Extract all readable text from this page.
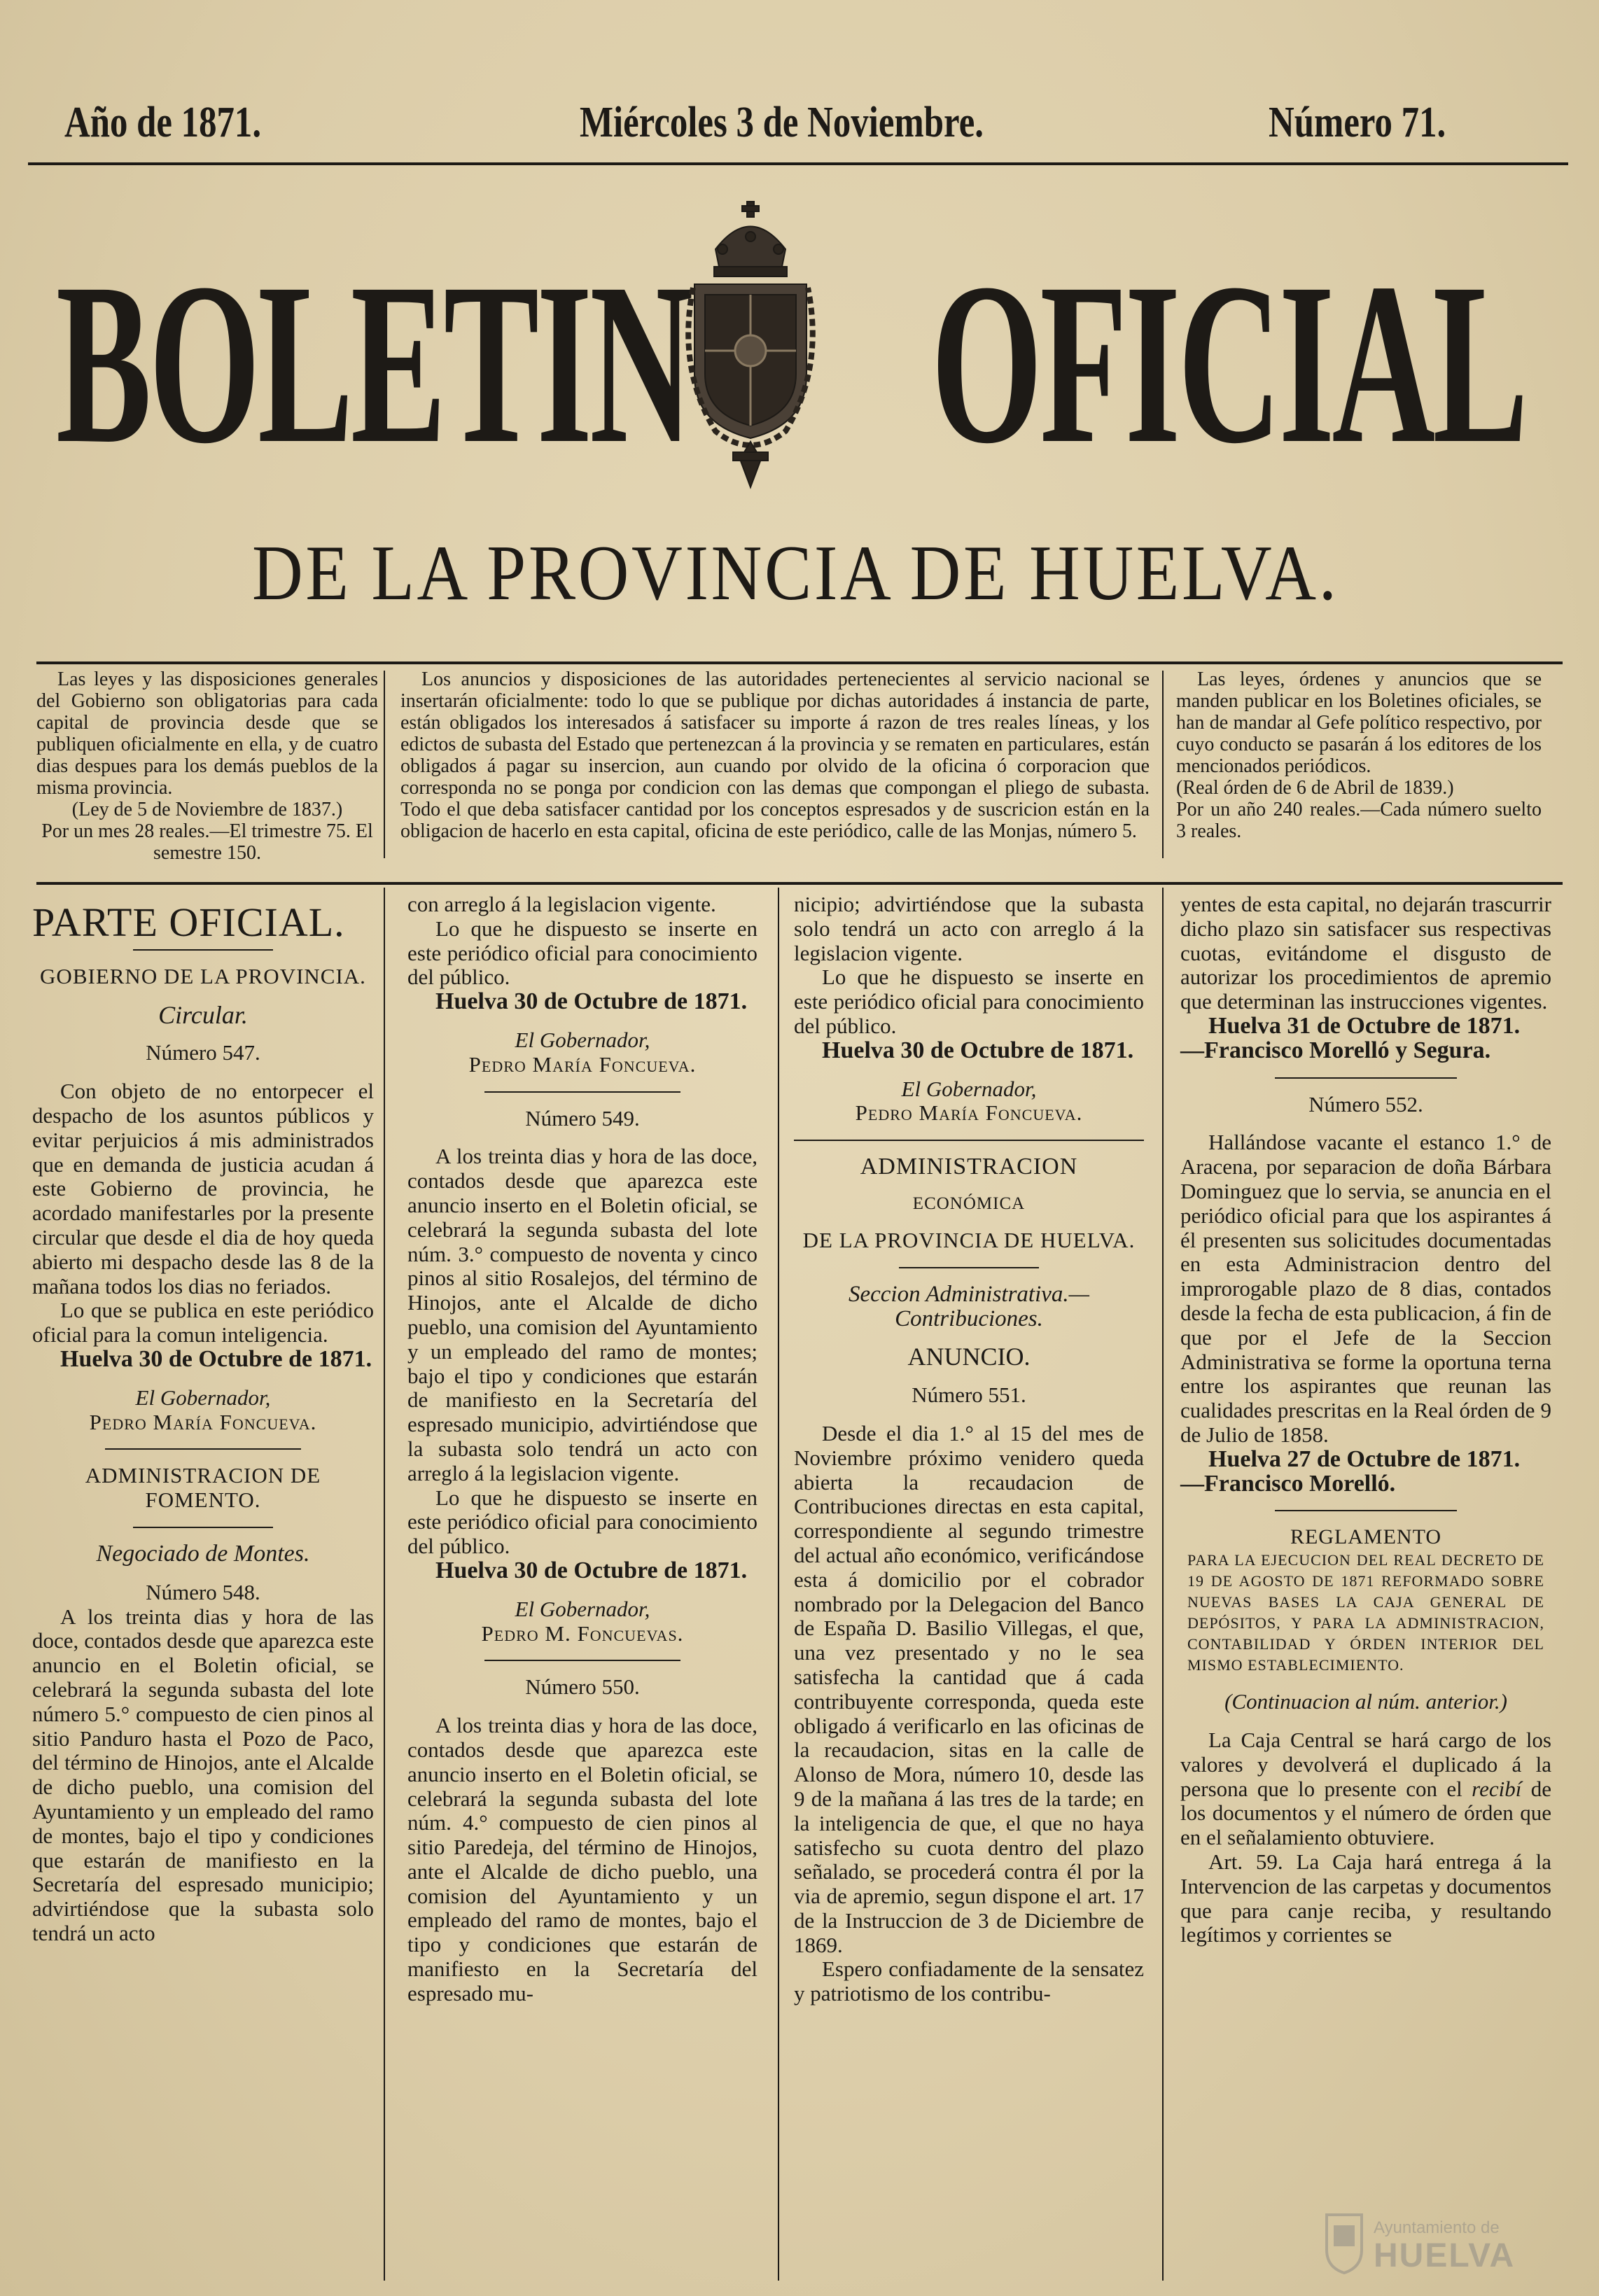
Año de 1871.	Miércoles 3 de Noviembre.	Número 71.
BOLETIN OFICIAL
DE LA PROVINCIA DE HUELVA.
Las leyes y las disposiciones generales del Gobierno son obligatorias para cada capital de provincia desde que se publiquen oficialmente en ella, y de cuatro dias despues para los demás pueblos de la misma provincia.
(Ley de 5 de Noviembre de 1837.)
Por un mes 28 reales.—El trimestre 75. El semestre 150.
Los anuncios y disposiciones de las autoridades pertenecientes al servicio nacional se insertarán oficialmente: todo lo que se publique por dichas autoridades á instancia de parte, están obligados los interesados á satisfacer su importe á razon de tres reales líneas, y los edictos de subasta del Estado que pertenezcan á la provincia y se rematen en particulares, están obligados á pagar su insercion, aun cuando por olvido de la oficina ó corporacion que corresponda no se ponga por condicion con las demas que compongan el pliego de subasta. Todo el que deba satisfacer cantidad por los conceptos espresados y de suscricion están en la obligacion de hacerlo en esta capital, oficina de este periódico, calle de las Monjas, número 5.
Las leyes, órdenes y anuncios que se manden publicar en los Boletines oficiales, se han de mandar al Gefe político respectivo, por cuyo conducto se pasarán á los editores de los mencionados periódicos.
(Real órden de 6 de Abril de 1839.)
Por un año 240 reales.—Cada número suelto 3 reales.
PARTE OFICIAL.

GOBIERNO DE LA PROVINCIA.

Circular.

Número 547.

Con objeto de no entorpecer el despacho de los asuntos públicos y evitar perjuicios á mis administrados que en demanda de justicia acudan á este Gobierno de provincia, he acordado manifestarles por la presente circular que desde el dia de hoy queda abierto mi despacho desde las 8 de la mañana todos los dias no feriados.

Lo que se publica en este periódico oficial para la comun inteligencia.

Huelva 30 de Octubre de 1871.

El Gobernador,

Pedro María Foncueva.

ADMINISTRACION DE FOMENTO.

Negociado de Montes.

Número 548.

A los treinta dias y hora de las doce, contados desde que aparezca este anuncio en el Boletin oficial, se celebrará la segunda subasta del lote número 5.° compuesto de cien pinos al sitio Panduro hasta el Pozo de Paco, del término de Hinojos, ante el Alcalde de dicho pueblo, una comision del Ayuntamiento y un empleado del ramo de montes, bajo el tipo y condiciones que estarán de manifiesto en la Secretaría del espresado municipio; advirtiéndose que la subasta solo tendrá un acto

con arreglo á la legislacion vigente.

Lo que he dispuesto se inserte en este periódico oficial para conocimiento del público.

Huelva 30 de Octubre de 1871.

El Gobernador,

Pedro María Foncueva.

Número 549.

A los treinta dias y hora de las doce, contados desde que aparezca este anuncio inserto en el Boletin oficial, se celebrará la segunda subasta del lote núm. 3.° compuesto de noventa y cinco pinos al sitio Rosalejos, del término de Hinojos, ante el Alcalde de dicho pueblo, una comision del Ayuntamiento y un empleado del ramo de montes; bajo el tipo y condiciones que estarán de manifiesto en la Secretaría del espresado municipio, advirtiéndose que la subasta solo tendrá un acto con arreglo á la legislacion vigente.

Lo que he dispuesto se inserte en este periódico oficial para conocimiento del público.

Huelva 30 de Octubre de 1871.

El Gobernador,

Pedro M. Foncuevas.

Número 550.

A los treinta dias y hora de las doce, contados desde que aparezca este anuncio inserto en el Boletin oficial, se celebrará la segunda subasta del lote núm. 4.° compuesto de cien pinos al sitio Paredeja, del término de Hinojos, ante el Alcalde de dicho pueblo, una comision del Ayuntamiento y un empleado del ramo de montes, bajo el tipo y condiciones que estarán de manifiesto en la Secretaría del espresado mu-

nicipio; advirtiéndose que la subasta solo tendrá un acto con arreglo á la legislacion vigente.

Lo que he dispuesto se inserte en este periódico oficial para conocimiento del público.

Huelva 30 de Octubre de 1871.

El Gobernador,

Pedro María Foncueva.

ADMINISTRACION

ECONÓMICA

DE LA PROVINCIA DE HUELVA.

Seccion Administrativa.—Contribuciones.

ANUNCIO.

Número 551.

Desde el dia 1.° al 15 del mes de Noviembre próximo venidero queda abierta la recaudacion de Contribuciones directas en esta capital, correspondiente al segundo trimestre del actual año económico, verificándose esta á domicilio por el cobrador nombrado por la Delegacion del Banco de España D. Basilio Villegas, el que, una vez presentado y no le sea satisfecha la cantidad que á cada contribuyente corresponda, queda este obligado á verificarlo en las oficinas de la recaudacion, sitas en la calle de Alonso de Mora, número 10, desde las 9 de la mañana á las tres de la tarde; en la inteligencia de que, el que no haya satisfecho su cuota dentro del plazo señalado, se procederá contra él por la via de apremio, segun dispone el art. 17 de la Instruccion de 3 de Diciembre de 1869.

Espero confiadamente de la sensatez y patriotismo de los contribu-

yentes de esta capital, no dejarán trascurrir dicho plazo sin satisfacer sus respectivas cuotas, evitándome el disgusto de autorizar los procedimientos de apremio que determinan las instrucciones vigentes.

Huelva 31 de Octubre de 1871.

—Francisco Morelló y Segura.

Número 552.

Hallándose vacante el estanco 1.° de Aracena, por separacion de doña Bárbara Dominguez que lo servia, se anuncia en el periódico oficial para que los aspirantes á él presenten sus solicitudes documentadas en esta Administracion dentro del improrogable plazo de 8 dias, contados desde la fecha de esta publicacion, á fin de que por el Jefe de la Seccion Administrativa se forme la oportuna terna entre los aspirantes que reunan las cualidades prescritas en la Real órden de 9 de Julio de 1858.

Huelva 27 de Octubre de 1871.

—Francisco Morelló.

REGLAMENTO

PARA LA EJECUCION DEL REAL DECRETO DE 19 DE AGOSTO DE 1871 REFORMADO SOBRE NUEVAS BASES LA CAJA GENERAL DE DEPÓSITOS, Y PARA LA ADMINISTRACION, CONTABILIDAD Y ÓRDEN INTERIOR DEL MISMO ESTABLECIMIENTO.

(Continuacion al núm. anterior.)

La Caja Central se hará cargo de los valores y devolverá el duplicado á la persona que lo presente con el recibí de los documentos y el número de órden que en el señalamiento obtuviere.

Art. 59. La Caja hará entrega á la Intervencion de las carpetas y documentos que para canje reciba, y resultando legítimos y corrientes se

Ayuntamiento de
HUELVA
